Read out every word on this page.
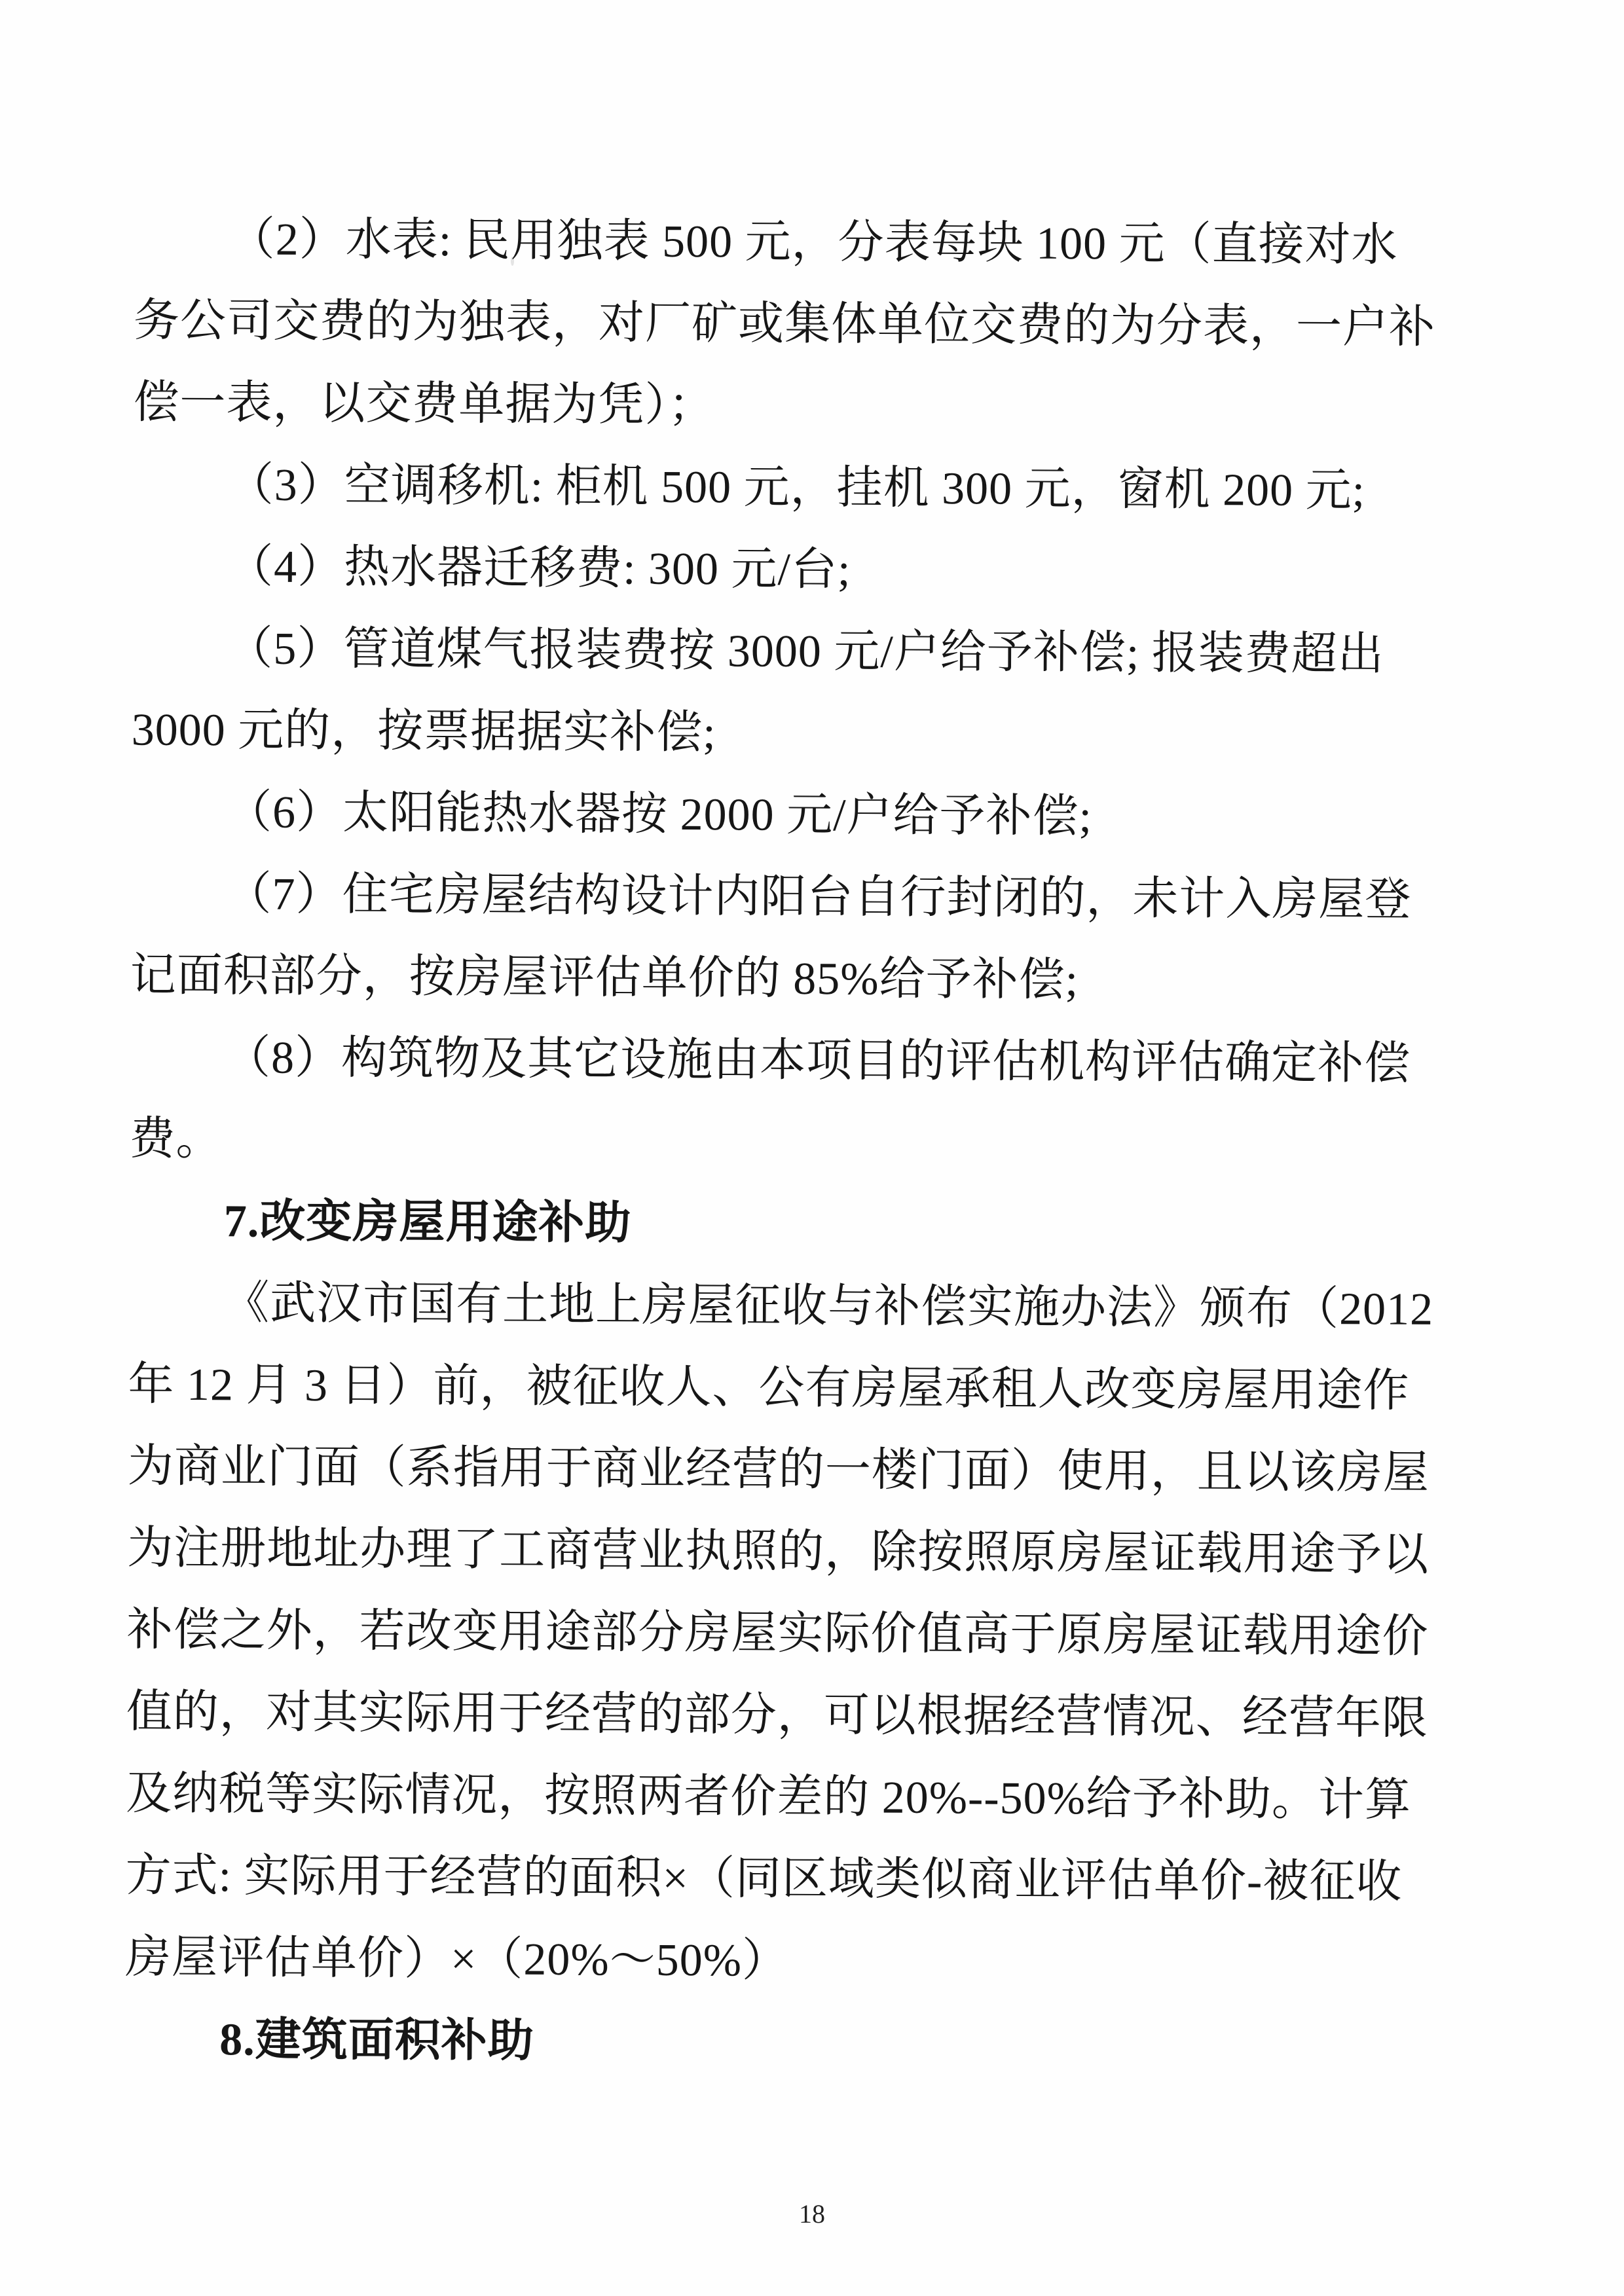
（2）水表: 民用独表 500 元，分表每块 100 元（直接对水
务公司交费的为独表，对厂矿或集体单位交费的为分表，一户补
偿一表，以交费单据为凭）；
（3）空调移机: 柜机 500 元，挂机 300 元，窗机 200 元;
（4）热水器迁移费: 300 元/台;
（5）管道煤气报装费按 3000 元/户给予补偿; 报装费超出
3000 元的，按票据据实补偿;
（6）太阳能热水器按 2000 元/户给予补偿;
（7）住宅房屋结构设计内阳台自行封闭的，未计入房屋登
记面积部分，按房屋评估单价的 85%给予补偿;
（8）构筑物及其它设施由本项目的评估机构评估确定补偿
费。
7.改变房屋用途补助
《武汉市国有土地上房屋征收与补偿实施办法》颁布（2012
年 12 月 3 日）前，被征收人、公有房屋承租人改变房屋用途作
为商业门面（系指用于商业经营的一楼门面）使用，且以该房屋
为注册地址办理了工商营业执照的，除按照原房屋证载用途予以
补偿之外，若改变用途部分房屋实际价值高于原房屋证载用途价
值的，对其实际用于经营的部分，可以根据经营情况、经营年限
及纳税等实际情况，按照两者价差的 20%--50%给予补助。计算
方式: 实际用于经营的面积×（同区域类似商业评估单价-被征收
房屋评估单价）×（20%～50%）
8.建筑面积补助
18
